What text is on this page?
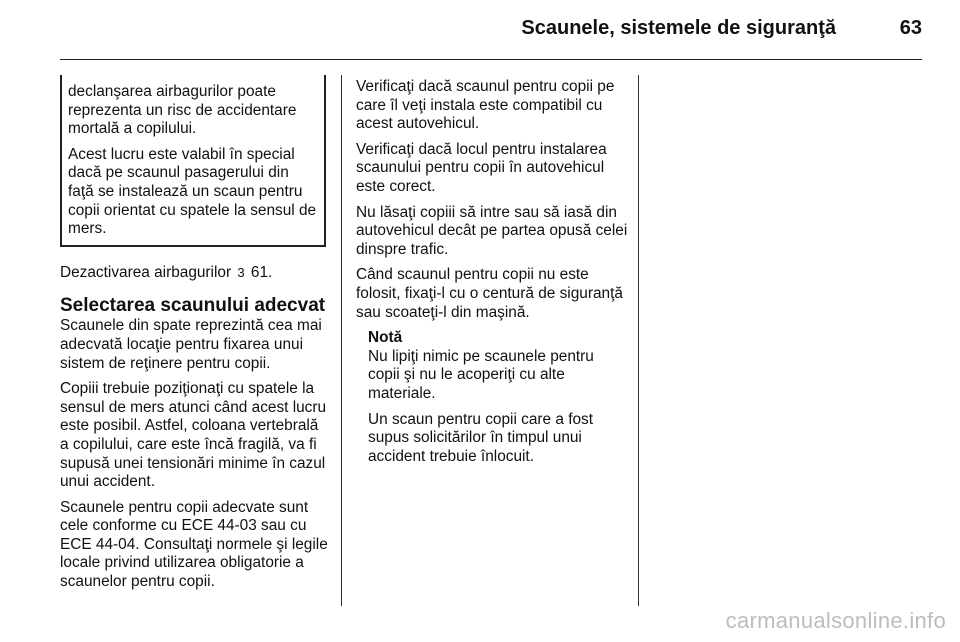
Scaunele, sistemele de siguranţă	63

declanşarea airbagurilor poate reprezenta un risc de accidentare mortală a copilului.

Acest lucru este valabil în special dacă pe scaunul pasagerului din faţă se instalează un scaun pentru copii orientat cu spatele la sensul de mers.

Dezactivarea airbagurilor 3 61.

Selectarea scaunului adecvat

Scaunele din spate reprezintă cea mai adecvată locaţie pentru fixarea unui sistem de reţinere pentru copii.

Copiii trebuie poziţionaţi cu spatele la sensul de mers atunci când acest lucru este posibil. Astfel, coloana vertebrală a copilului, care este încă fragilă, va fi supusă unei tensionări minime în cazul unui accident.

Scaunele pentru copii adecvate sunt cele conforme cu ECE 44-03 sau cu ECE 44-04. Consultaţi normele şi legile locale privind utilizarea obligatorie a scaunelor pentru copii.

Verificaţi dacă scaunul pentru copii pe care îl veţi instala este compatibil cu acest autovehicul.

Verificaţi dacă locul pentru instalarea scaunului pentru copii în autovehicul este corect.

Nu lăsaţi copiii să intre sau să iasă din autovehicul decât pe partea opusă celei dinspre trafic.

Când scaunul pentru copii nu este folosit, fixaţi-l cu o centură de siguranţă sau scoateţi-l din maşină.

Notă

Nu lipiţi nimic pe scaunele pentru copii şi nu le acoperiţi cu alte materiale.

Un scaun pentru copii care a fost supus solicitărilor în timpul unui accident trebuie înlocuit.

carmanualsonline.info
